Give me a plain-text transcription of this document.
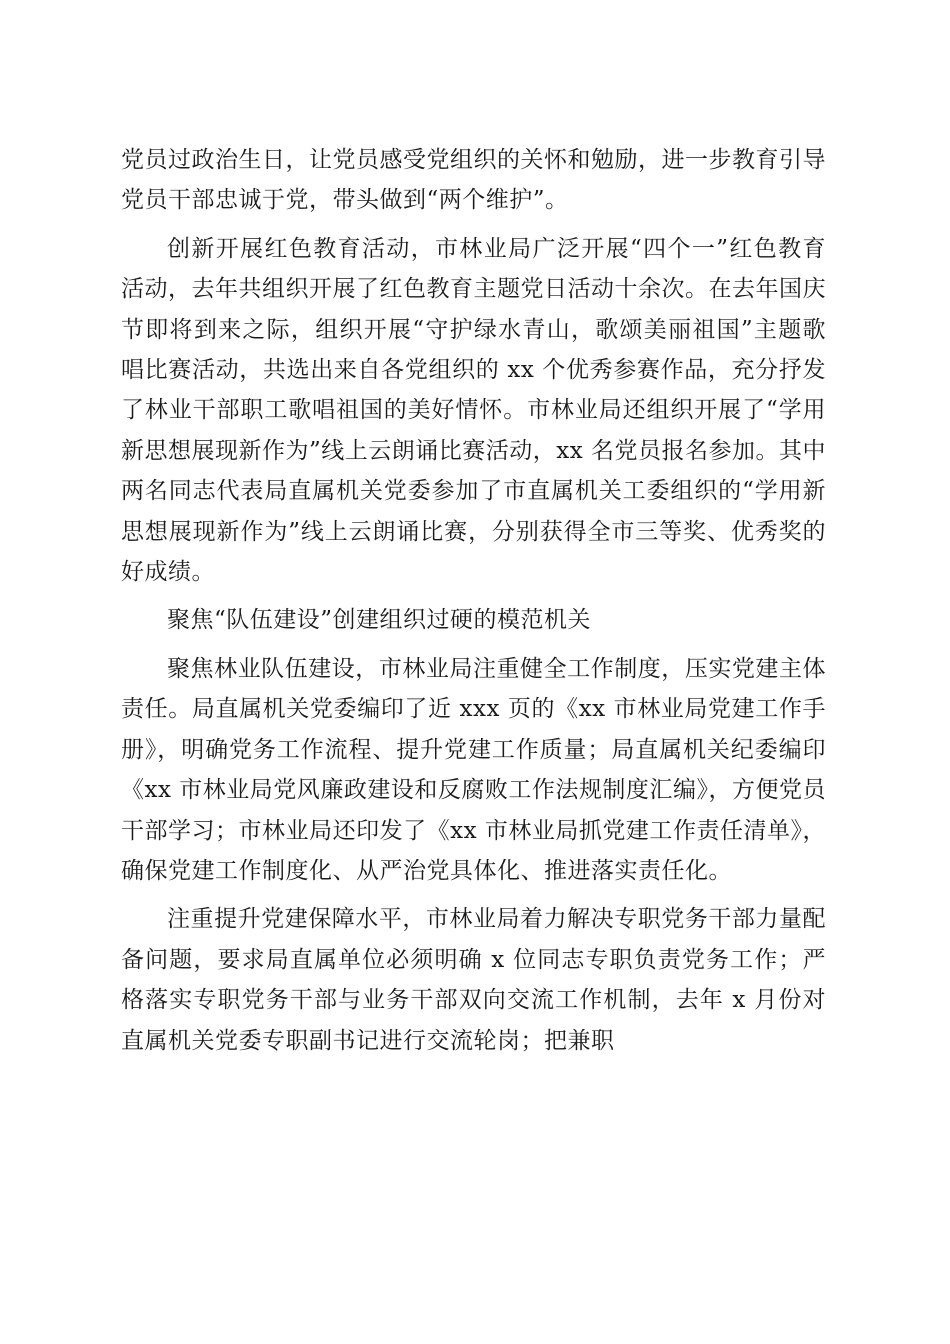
党员过政治生日，让党员感受党组织的关怀和勉励，进一步教育引导党员干部忠诚于党，带头做到“两个维护”。

创新开展红色教育活动，市林业局广泛开展“四个一”红色教育活动，去年共组织开展了红色教育主题党日活动十余次。在去年国庆节即将到来之际，组织开展“守护绿水青山，歌颂美丽祖国”主题歌唱比赛活动，共选出来自各党组织的 xx 个优秀参赛作品，充分抒发了林业干部职工歌唱祖国的美好情怀。市林业局还组织开展了“学用新思想展现新作为”线上云朗诵比赛活动，xx 名党员报名参加。其中两名同志代表局直属机关党委参加了市直属机关工委组织的“学用新思想展现新作为”线上云朗诵比赛，分别获得全市三等奖、优秀奖的好成绩。

聚焦“队伍建设”创建组织过硬的模范机关

聚焦林业队伍建设，市林业局注重健全工作制度，压实党建主体责任。局直属机关党委编印了近 xxx 页的《xx 市林业局党建工作手册》，明确党务工作流程、提升党建工作质量；局直属机关纪委编印《xx 市林业局党风廉政建设和反腐败工作法规制度汇编》，方便党员干部学习；市林业局还印发了《xx 市林业局抓党建工作责任清单》，确保党建工作制度化、从严治党具体化、推进落实责任化。

注重提升党建保障水平，市林业局着力解决专职党务干部力量配备问题，要求局直属单位必须明确 x 位同志专职负责党务工作；严格落实专职党务干部与业务干部双向交流工作机制，去年 x 月份对直属机关党委专职副书记进行交流轮岗；把兼职
